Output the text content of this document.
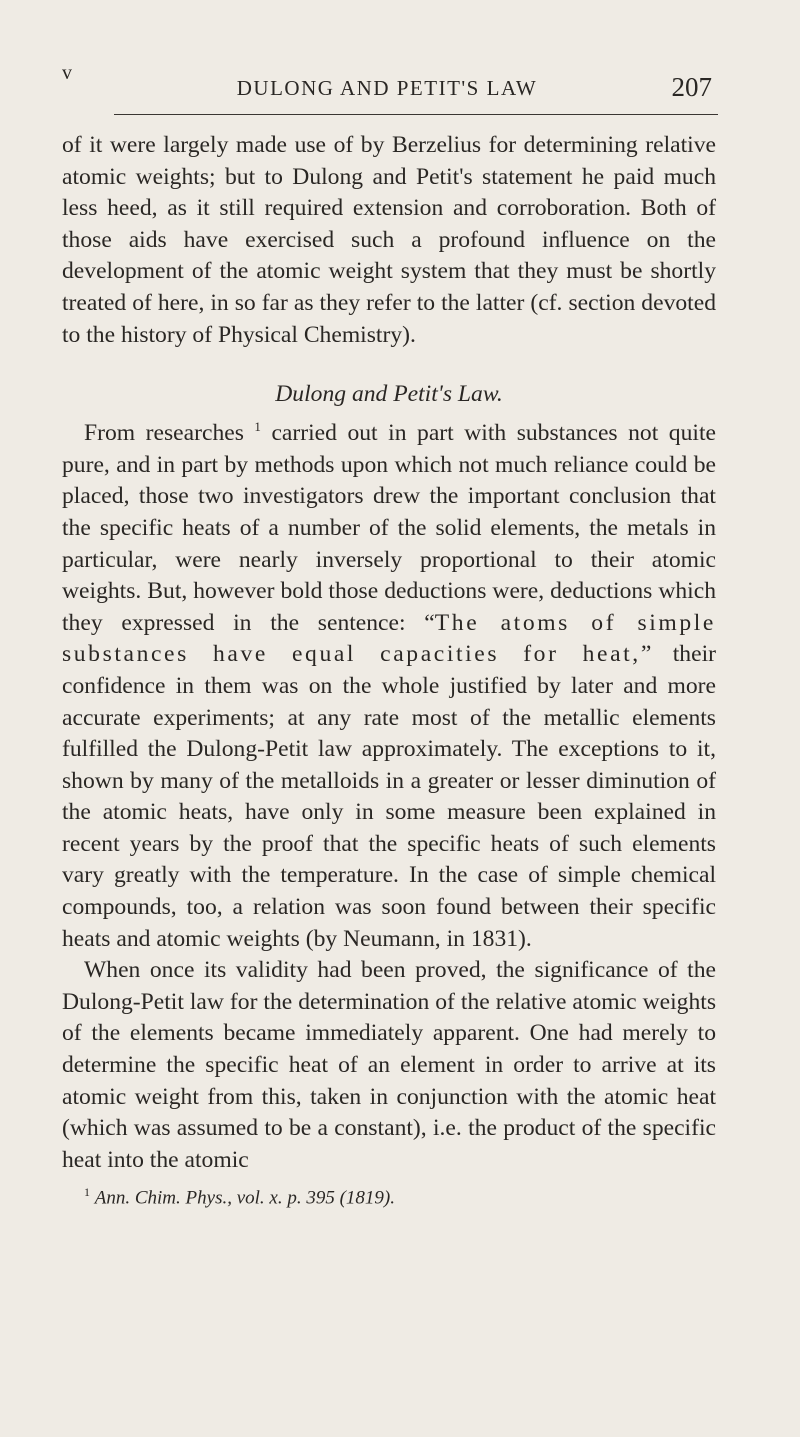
v
DULONG AND PETIT'S LAW	207

of it were largely made use of by Berzelius for determining relative atomic weights; but to Dulong and Petit's statement he paid much less heed, as it still required extension and corroboration. Both of those aids have exercised such a profound influence on the development of the atomic weight system that they must be shortly treated of here, in so far as they refer to the latter (cf. section devoted to the history of Physical Chemistry).

Dulong and Petit's Law.

From researches $^1$ carried out in part with substances not quite pure, and in part by methods upon which not much reliance could be placed, those two investigators drew the important conclusion that the specific heats of a number of the solid elements, the metals in particular, were nearly inversely proportional to their atomic weights. But, however bold those deductions were, deductions which they expressed in the sentence: “The atoms of simple substances have equal capacities for heat,” their confidence in them was on the whole justified by later and more accurate experiments; at any rate most of the metallic elements fulfilled the Dulong-Petit law approximately. The exceptions to it, shown by many of the metalloids in a greater or lesser diminution of the atomic heats, have only in some measure been explained in recent years by the proof that the specific heats of such elements vary greatly with the temperature. In the case of simple chemical compounds, too, a relation was soon found between their specific heats and atomic weights (by Neumann, in 1831).

When once its validity had been proved, the significance of the Dulong-Petit law for the determination of the relative atomic weights of the elements became immediately apparent. One had merely to determine the specific heat of an element in order to arrive at its atomic weight from this, taken in conjunction with the atomic heat (which was assumed to be a constant), i.e. the product of the specific heat into the atomic

$^1$ Ann. Chim. Phys., vol. x. p. 395 (1819).
